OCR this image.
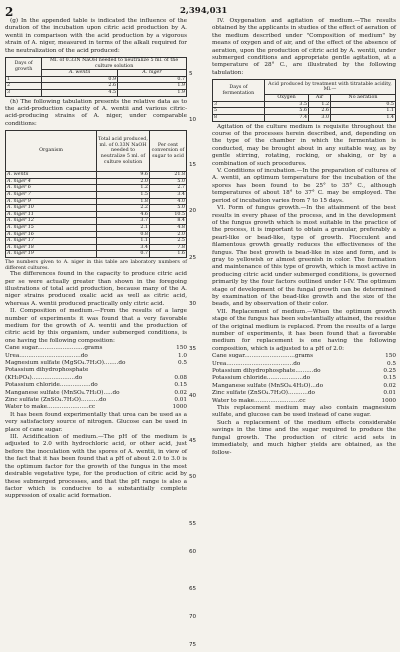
2	2,394,031
5
10
15
20
25
30
35
40
45
50
55
60
65
70
75

(g) In the appended table is indicated the influence of the duration of the incubation upon citric acid production by A. wentii in comparison with the acid production by a vigorous strain of A. niger, measured in terms of the alkali required for the neutralization of the acid produced:

Days of growth	Ml. of 0.33N NaOH needed to neutralize 5 ml. of the culture solution	
	A. wentii	A. niger
1	0.9	0.7
2	2.6	1.9
3	4.5	1.9

(h) The following tabulation presents the relative data as to the acid-production capacity of A. wentii and various citric-acid-producing strains of A. niger, under comparable conditions:

Organism	Total acid produced, ml. of 0.33N NaOH needed to neutralize 5 ml. of culture solution	Per cent conversion of sugar to acid
A. wentii	9.6	21.8
A. niger 4	2.0	5.0
A. niger 6	1.2	2.7
A. niger 7	1.5	3.4
A. niger 9	1.8	4.0
A. niger 10	2.2	5.0
A. niger 11	4.6	10.5
A. niger 12	3.7	8.4
A. niger 15	2.1	4.8
A. niger 16	0.8	2.0
A. niger 17	1.1	2.5
A. niger 18	3.4	7.8
A. niger 19	0.7	1.6

The numbers given to A. niger in this table are laboratory numbers of different cultures.

The differences found in the capacity to produce citric acid per se were actually greater than shown in the foregoing illustrations of total acid production, because many of the A. niger strains produced oxalic acid as well as citric acid, whereas A. wentii produced practically only citric acid.

II. Composition of medium.—From the results of a large number of experiments it was found that a very favorable medium for the growth of A. wentii and the production of citric acid by this organism, under submerged conditions, is one having the following composition:

Cane sugar..........................grams	150
Urea..................................do	1.0
Magnesium sulfate (MgSO₄.7H₂O)........do	0.5
Potassium dihydrophosphate	
(KH₂PO₄)........................do	0.08
Potassium chloride.................do	0.15
Manganese sulfate (MnSO₄.7H₂O).....do	0.02
Zinc sulfate (ZnSO₄.7H₂O)..........do	0.01
Water to make.......................cc	1000

It has been found experimentally that urea can be used as a very satisfactory source of nitrogen. Glucose can be used in place of cane sugar.

III. Acidification of medium.—The pH of the medium is adjusted to 2.0 with hydrochloric acid, or other acid, just before the inoculation with the spores of A. wentii, in view of the fact that it has been found that a pH of about 2.0 to 3.0 is the optimum factor for the growth of the fungus in the most desirable vegetative type, for the production of citric acid by these submerged processes, and that the pH range is also a factor which is conducive to a substantially complete suppression of oxalic acid formation.

IV. Oxygenation and agitation of medium.—The results obtained by the applicants in studies of the effect of aeration of the medium described under "Composition of medium" by means of oxygen and of air, and of the effect of the absence of aeration, upon the production of citric acid by A. wentii, under submerged conditions and appropriate gentle agitation, at a temperature of 28° C., are illustrated by the following tabulation:

Days of fermentation	Acid produced by treatment with titratable acidity, Ml.—		
	Oxygen	Air	No aeration
3	3.5	1.2	0.5
5	5.6	2.6	1.1
8	7.4	3.0	1.4

Agitation of the culture medium is requisite throughout the course of the processes herein described, and, depending on the type of the chamber in which the fermentation is conducted, may be brought about in any suitable way, as by gentle stirring, rotating, rocking, or shaking, or by a combination of such procedures.

V. Conditions of incubation.—In the preparation of cultures of A. wentii, an optimum temperature for the incubation of the spores has been found to be 25° to 35° C., although temperatures of about 18° to 37° C. may be employed. The period of incubation varies from 7 to 15 days.

VI. Form of fungus growth.—In the attainment of the best results in every phase of the process, and in the development of the fungus growth which is most suitable in the practice of the process, it is important to obtain a granular, preferably a pearl-like or bead-like, type of growth. Flocculent and filamentous growth greatly reduces the effectiveness of the fungus. The best growth is bead-like in size and form, and is gray to yellowish or almost greenish in color. The formation and maintenance of this type of growth, which is most active in producing citric acid under submerged conditions, is governed primarily by the four factors outlined under I-IV. The optimum stage of development of the fungal growth can be determined by examination of the bead-like growth and the size of the beads, and by observation of their color.

VII. Replacement of medium.—When the optimum growth stage of the fungus has been substantially attained, the residue of the original medium is replaced. From the results of a large number of experiments, it has been found that a favorable medium for replacement is one having the following composition, which is adjusted to a pH of 2.0:

Cane sugar............................grams	150
Urea.....................................do	0.5
Potassium dihydrophosphate..........do	0.25
Potassium chloride....................do	0.15
Manganese sulfate (MnSO₄.4H₂O)...do	0.02
Zinc sulfate (ZnSO₄.7H₂O)...........do	0.01
Water to make.........................cc	1000

This replacement medium may also contain magnesium sulfate, and glucose can be used instead of cane sugar.

Such a replacement of the medium effects considerable savings in the time and the sugar required to produce the fungal growth. The production of citric acid sets in immediately, and much higher yields are obtained, as the follow-
